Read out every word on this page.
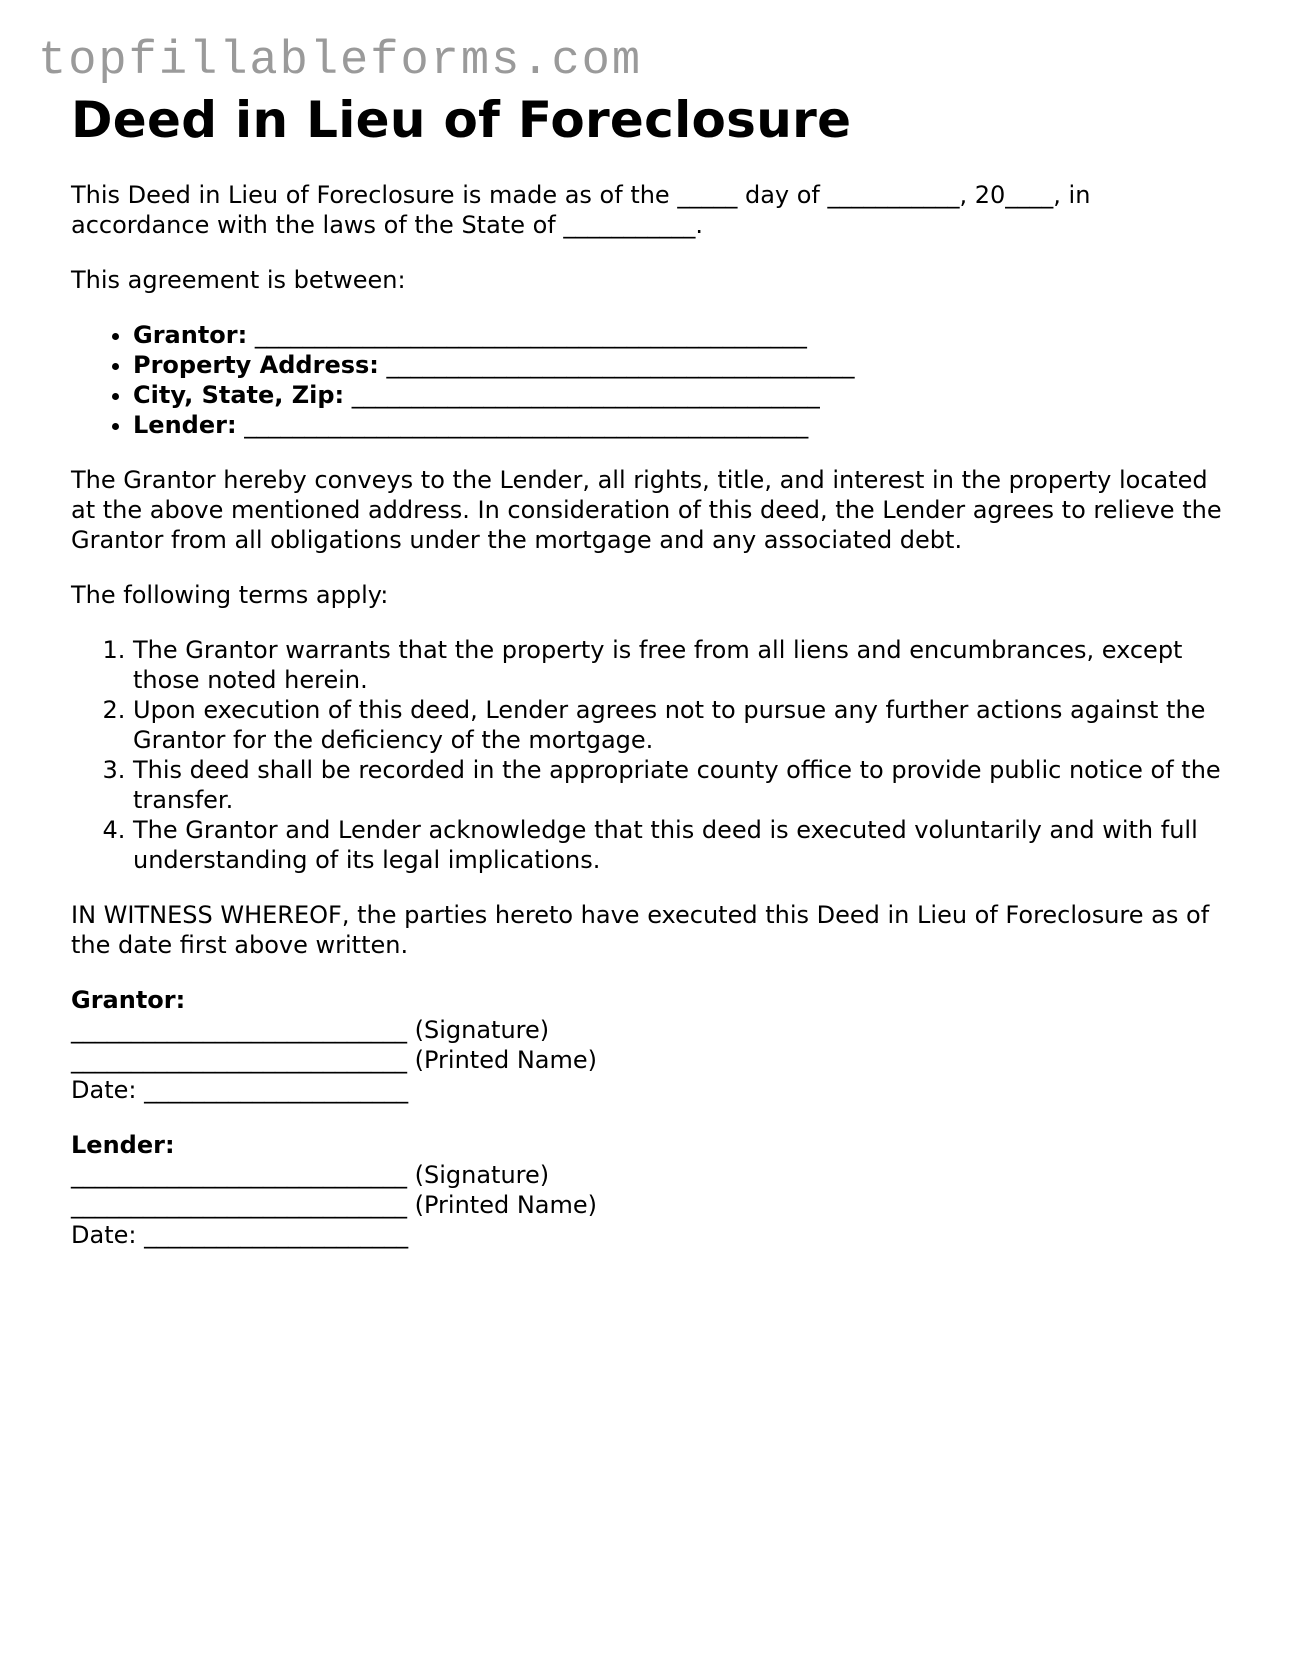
topfillableforms.com
Deed in Lieu of Foreclosure

This Deed in Lieu of Foreclosure is made as of the _____ day of ___________, 20____, in accordance with the laws of the State of ___________.

This agreement is between:

• Grantor: ______________________________________________
• Property Address: _______________________________________
• City, State, Zip: _______________________________________
• Lender: _______________________________________________

The Grantor hereby conveys to the Lender, all rights, title, and interest in the property located at the above mentioned address. In consideration of this deed, the Lender agrees to relieve the Grantor from all obligations under the mortgage and any associated debt.

The following terms apply:

1. The Grantor warrants that the property is free from all liens and encumbrances, except those noted herein.
2. Upon execution of this deed, Lender agrees not to pursue any further actions against the Grantor for the deficiency of the mortgage.
3. This deed shall be recorded in the appropriate county office to provide public notice of the transfer.
4. The Grantor and Lender acknowledge that this deed is executed voluntarily and with full understanding of its legal implications.

IN WITNESS WHEREOF, the parties hereto have executed this Deed in Lieu of Foreclosure as of the date first above written.

Grantor:
____________________________ (Signature)
____________________________ (Printed Name)
Date: ______________________
Lender:
____________________________ (Signature)
____________________________ (Printed Name)
Date: ______________________
